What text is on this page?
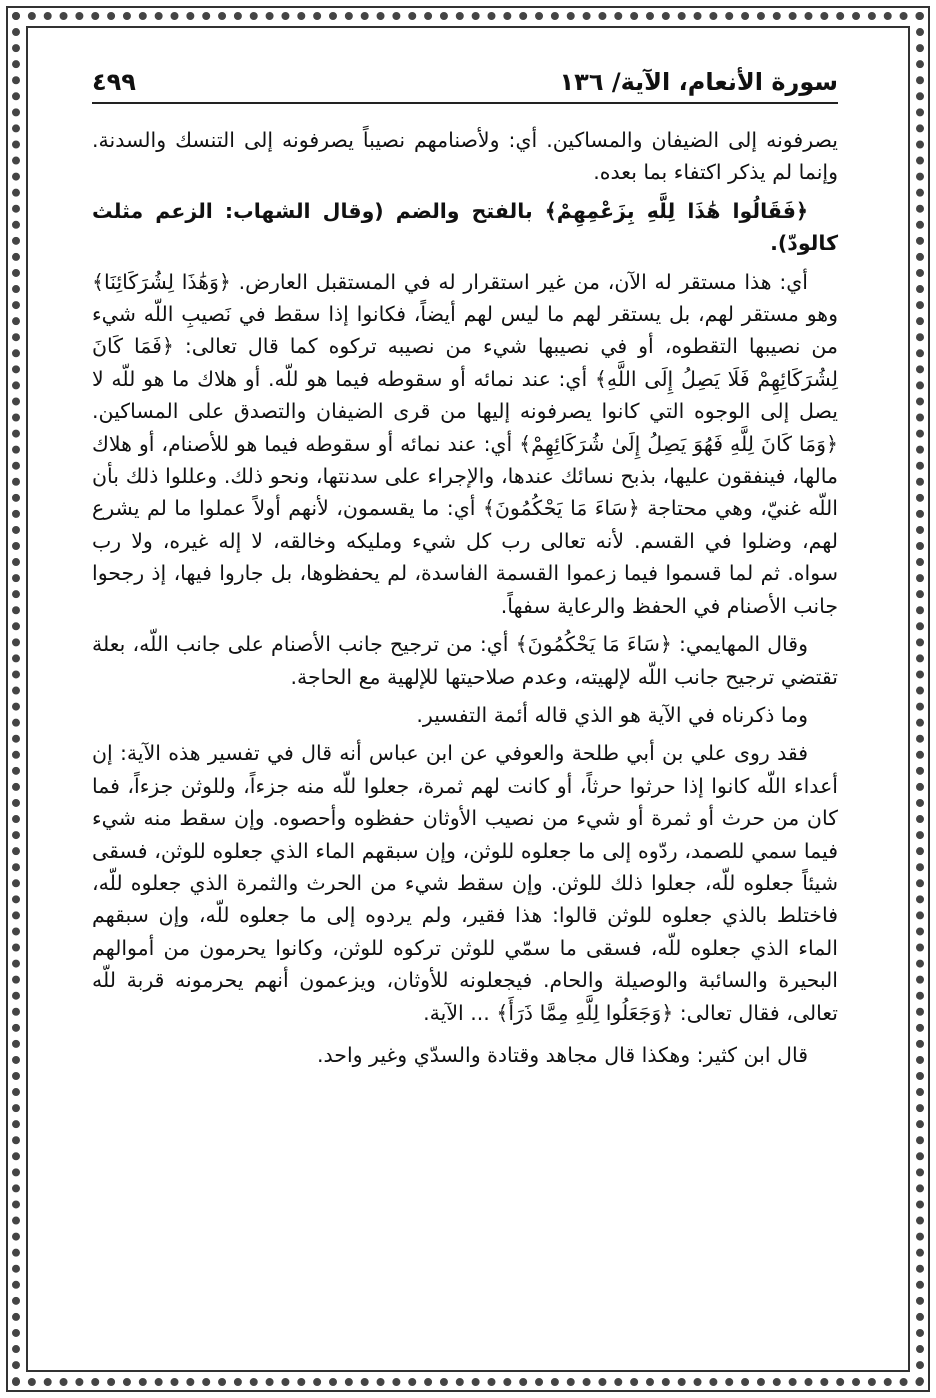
سورة الأنعام، الآية/ ١٣٦
٤٩٩

يصرفونه إلى الضيفان والمساكين. أي: ولأصنامهم نصيباً يصرفونه إلى التنسك والسدنة. وإنما لم يذكر اكتفاء بما بعده.

﴿فَقَالُوا هَٰذَا لِلَّهِ بِزَعْمِهِمْ﴾ بالفتح والضم (وقال الشهاب: الزعم مثلث كالودّ).

أي: هذا مستقر له الآن، من غير استقرار له في المستقبل العارض. ﴿وَهَٰذَا لِشُرَكَائِنَا﴾ وهو مستقر لهم، بل يستقر لهم ما ليس لهم أيضاً، فكانوا إذا سقط في نَصيبِ اللّه شيء من نصيبها التقطوه، أو في نصيبها شيء من نصيبه تركوه كما قال تعالى: ﴿فَمَا كَانَ لِشُرَكَائِهِمْ فَلَا يَصِلُ إِلَى اللَّهِ﴾ أي: عند نمائه أو سقوطه فيما هو للّه. أو هلاك ما هو للّه لا يصل إلى الوجوه التي كانوا يصرفونه إليها من قرى الضيفان والتصدق على المساكين. ﴿وَمَا كَانَ لِلَّهِ فَهُوَ يَصِلُ إِلَىٰ شُرَكَائِهِمْ﴾ أي: عند نمائه أو سقوطه فيما هو للأصنام، أو هلاك مالها، فينفقون عليها، بذبح نسائك عندها، والإجراء على سدنتها، ونحو ذلك. وعللوا ذلك بأن اللّه غنيّ، وهي محتاجة ﴿سَاءَ مَا يَحْكُمُونَ﴾ أي: ما يقسمون، لأنهم أولاً عملوا ما لم يشرع لهم، وضلوا في القسم. لأنه تعالى رب كل شيء ومليكه وخالقه، لا إله غيره، ولا رب سواه. ثم لما قسموا فيما زعموا القسمة الفاسدة، لم يحفظوها، بل جاروا فيها، إذ رجحوا جانب الأصنام في الحفظ والرعاية سفهاً.

وقال المهايمي: ﴿سَاءَ مَا يَحْكُمُونَ﴾ أي: من ترجيح جانب الأصنام على جانب اللّه، بعلة تقتضي ترجيح جانب اللّه لإلهيته، وعدم صلاحيتها للإلهية مع الحاجة.

وما ذكرناه في الآية هو الذي قاله أئمة التفسير.

فقد روى علي بن أبي طلحة والعوفي عن ابن عباس أنه قال في تفسير هذه الآية: إن أعداء اللّه كانوا إذا حرثوا حرثاً، أو كانت لهم ثمرة، جعلوا للّه منه جزءاً، وللوثن جزءاً، فما كان من حرث أو ثمرة أو شيء من نصيب الأوثان حفظوه وأحصوه. وإن سقط منه شيء فيما سمي للصمد، ردّوه إلى ما جعلوه للوثن، وإن سبقهم الماء الذي جعلوه للوثن، فسقى شيئاً جعلوه للّه، جعلوا ذلك للوثن. وإن سقط شيء من الحرث والثمرة الذي جعلوه للّه، فاختلط بالذي جعلوه للوثن قالوا: هذا فقير، ولم يردوه إلى ما جعلوه للّه، وإن سبقهم الماء الذي جعلوه للّه، فسقى ما سمّي للوثن تركوه للوثن، وكانوا يحرمون من أموالهم البحيرة والسائبة والوصيلة والحام. فيجعلونه للأوثان، ويزعمون أنهم يحرمونه قربة للّه تعالى، فقال تعالى: ﴿وَجَعَلُوا لِلَّهِ مِمَّا ذَرَأَ﴾ ... الآية.

قال ابن كثير: وهكذا قال مجاهد وقتادة والسدّي وغير واحد.
